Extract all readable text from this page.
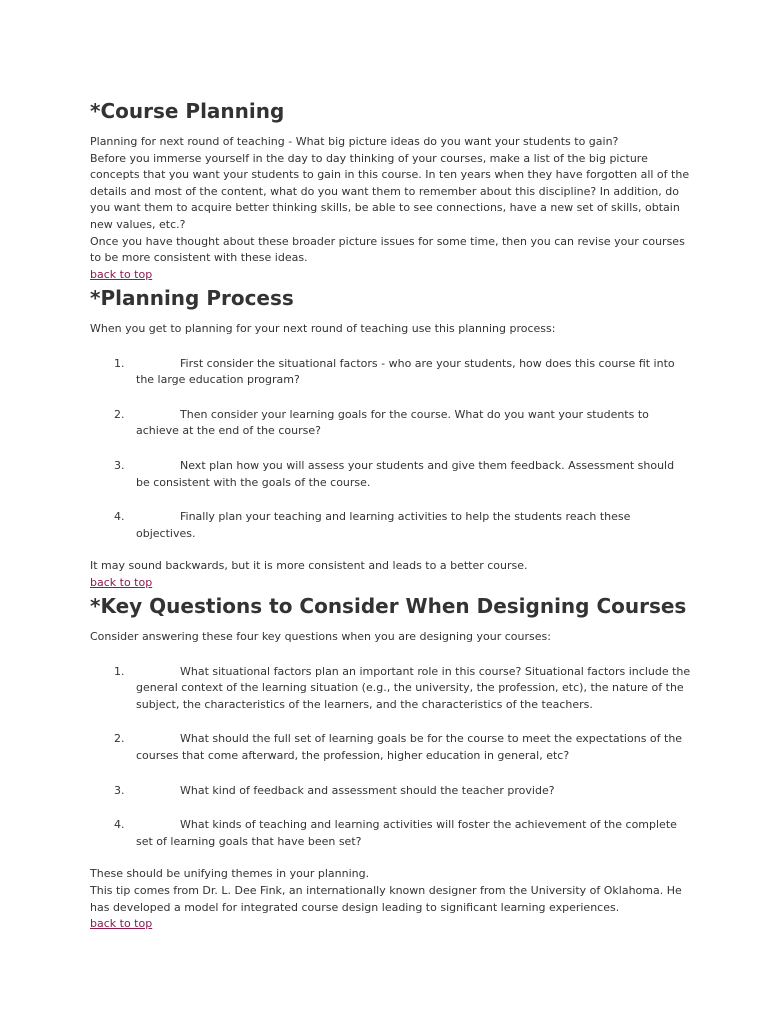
*Course Planning

Planning for next round of teaching - What big picture ideas do you want your students to gain?

Before you immerse yourself in the day to day thinking of your courses, make a list of the big picture
concepts that you want your students to gain in this course. In ten years when they have forgotten all of the
details and most of the content, what do you want them to remember about this discipline? In addition, do
you want them to acquire better thinking skills, be able to see connections, have a new set of skills, obtain
new values, etc.?

Once you have thought about these broader picture issues for some time, then you can revise your courses
to be more consistent with these ideas.

back to top
*Planning Process

When you get to planning for your next round of teaching use this planning process:

1.	First consider the situational factors - who are your students, how does this course fit into
the large education program?
2.	Then consider your learning goals for the course. What do you want your students to
achieve at the end of the course?
3.	Next plan how you will assess your students and give them feedback. Assessment should
be consistent with the goals of the course.
4.	Finally plan your teaching and learning activities to help the students reach these
objectives.

It may sound backwards, but it is more consistent and leads to a better course.

back to top
*Key Questions to Consider When Designing Courses

Consider answering these four key questions when you are designing your courses:

1.	What situational factors plan an important role in this course? Situational factors include the
general context of the learning situation (e.g., the university, the profession, etc), the nature of the
subject, the characteristics of the learners, and the characteristics of the teachers.
2.	What should the full set of learning goals be for the course to meet the expectations of the
courses that come afterward, the profession, higher education in general, etc?
3.	What kind of feedback and assessment should the teacher provide?
4.	What kinds of teaching and learning activities will foster the achievement of the complete
set of learning goals that have been set?

These should be unifying themes in your planning.
This tip comes from Dr. L. Dee Fink, an internationally known designer from the University of Oklahoma. He
has developed a model for integrated course design leading to significant learning experiences.

back to top
